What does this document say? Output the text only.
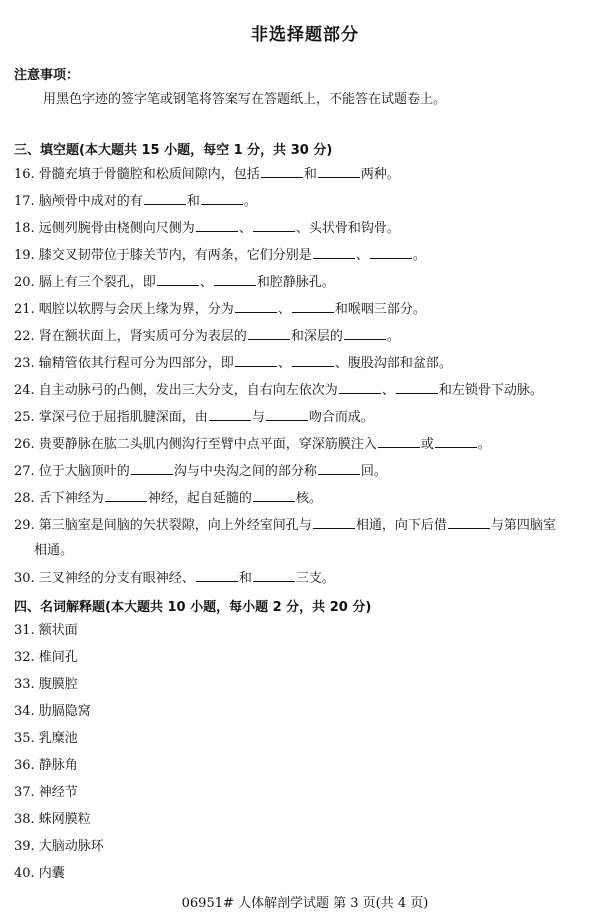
非选择题部分
注意事项：
用黑色字迹的签字笔或钢笔将答案写在答题纸上，不能答在试题卷上。
三、填空题(本大题共 15 小题，每空 1 分，共 30 分)
16. 骨髓充填于骨髓腔和松质间隙内，包括	和	两种。
17. 脑颅骨中成对的有	和	。
18. 远侧列腕骨由桡侧向尺侧为	、	、头状骨和钩骨。
19. 膝交叉韧带位于膝关节内，有两条，它们分别是	、	。
20. 膈上有三个裂孔，即	、	和腔静脉孔。
21. 咽腔以软腭与会厌上缘为界，分为	、	和喉咽三部分。
22. 肾在额状面上，肾实质可分为表层的	和深层的	。
23. 输精管依其行程可分为四部分，即	、	、腹股沟部和盆部。
24. 自主动脉弓的凸侧，发出三大分支，自右向左依次为	、	和左锁骨下动脉。
25. 掌深弓位于屈指肌腱深面，由	与	吻合而成。
26. 贵要静脉在肱二头肌内侧沟行至臂中点平面，穿深筋膜注入	或	。
27. 位于大脑顶叶的	沟与中央沟之间的部分称	回。
28. 舌下神经为	神经，起自延髓的	核。
29. 第三脑室是间脑的矢状裂隙，向上外经室间孔与	相通，向下后借	与第四脑室
相通。
30. 三叉神经的分支有眼神经、	和	三支。
四、名词解释题(本大题共 10 小题，每小题 2 分，共 20 分)
31. 额状面
32. 椎间孔
33. 腹膜腔
34. 肋膈隐窝
35. 乳糜池
36. 静脉角
37. 神经节
38. 蛛网膜粒
39. 大脑动脉环
40. 内囊
06951# 人体解剖学试题 第 3 页(共 4 页)
